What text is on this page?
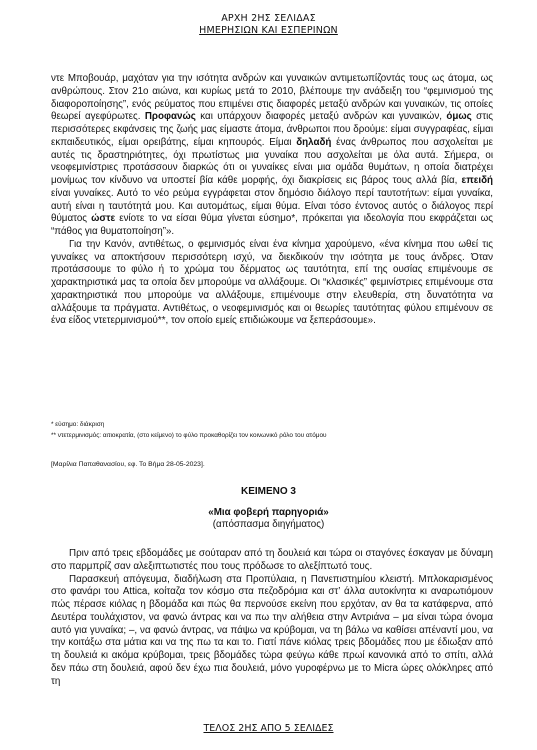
ΑΡΧΗ 2ΗΣ ΣΕΛΙΔΑΣ
ΗΜΕΡΗΣΙΩΝ ΚΑΙ ΕΣΠΕΡΙΝΩΝ

ντε Μποβουάρ, μαχόταν για την ισότητα ανδρών και γυναικών αντιμετωπίζοντάς τους ως άτομα, ως ανθρώπους. Στον 21ο αιώνα, και κυρίως μετά το 2010, βλέπουμε την ανάδειξη του “φεμινισμού της διαφοροποίησης”, ενός ρεύματος που επιμένει στις διαφορές μεταξύ ανδρών και γυναικών, τις οποίες θεωρεί αγεφύρωτες. Προφανώς και υπάρχουν διαφορές μεταξύ ανδρών και γυναικών, όμως στις περισσότερες εκφάνσεις της ζωής μας είμαστε άτομα, άνθρωποι που δρούμε: είμαι συγγραφέας, είμαι εκπαιδευτικός, είμαι ορειβάτης, είμαι κηπουρός. Είμαι δηλαδή ένας άνθρωπος που ασχολείται με αυτές τις δραστηριότητες, όχι πρωτίστως μια γυναίκα που ασχολείται με όλα αυτά. Σήμερα, οι νεοφεμινίστριες προτάσσουν διαρκώς ότι οι γυναίκες είναι μια ομάδα θυμάτων, η οποία διατρέχει μονίμως τον κίνδυνο να υποστεί βία κάθε μορφής, όχι διακρίσεις εις βάρος τους αλλά βία, επειδή είναι γυναίκες. Αυτό το νέο ρεύμα εγγράφεται στον δημόσιο διάλογο περί ταυτοτήτων: είμαι γυναίκα, αυτή είναι η ταυτότητά μου. Και αυτομάτως, είμαι θύμα. Είναι τόσο έντονος αυτός ο διάλογος περί θύματος ώστε ενίοτε το να είσαι θύμα γίνεται εύσημο*, πρόκειται για ιδεολογία που εκφράζεται ως “πάθος για θυματοποίηση”».

Για την Κανόν, αντιθέτως, ο φεμινισμός είναι ένα κίνημα χαρούμενο, «ένα κίνημα που ωθεί τις γυναίκες να αποκτήσουν περισσότερη ισχύ, να διεκδικούν την ισότητα με τους άνδρες. Όταν προτάσσουμε το φύλο ή το χρώμα του δέρματος ως ταυτότητα, επί της ουσίας επιμένουμε σε χαρακτηριστικά μας τα οποία δεν μπορούμε να αλλάξουμε. Οι “κλασικές” φεμινίστριες επιμένουμε στα χαρακτηριστικά που μπορούμε να αλλάξουμε, επιμένουμε στην ελευθερία, στη δυνατότητα να αλλάξουμε τα πράγματα. Αντιθέτως, ο νεοφεμινισμός και οι θεωρίες ταυτότητας φύλου επιμένουν σε ένα είδος ντετερμινισμού**, τον οποίο εμείς επιδιώκουμε να ξεπεράσουμε».

* εύσημο: διάκριση
** ντετερμινισμός: αιτιοκρατία, (στο κείμενο) το φύλο προκαθορίζει τον κοινωνικό ρόλο του ατόμου
[Μαρίλια Παπαθανασίου, εφ. Το Βήμα 28-05-2023].
ΚΕΙΜΕΝΟ 3
«Μια φοβερή παρηγοριά»
(απόσπασμα διηγήματος)

Πριν από τρεις εβδομάδες με σούταραν από τη δουλειά και τώρα οι σταγόνες έσκαγαν με δύναμη στο παρμπρίζ σαν αλεξιπτωτιστές που τους πρόδωσε το αλεξίπτωτό τους.

Παρασκευή απόγευμα, διαδήλωση στα Προπύλαια, η Πανεπιστημίου κλειστή. Μπλοκαρισμένος στο φανάρι του Attica, κοίταζα τον κόσμο στα πεζοδρόμια και στ’ άλλα αυτοκίνητα κι αναρωτιόμουν πώς πέρασε κιόλας η βδομάδα και πώς θα περνούσε εκείνη που ερχόταν, αν θα τα κατάφερνα, από Δευτέρα τουλάχιστον, να φανώ άντρας και να πω την αλήθεια στην Αντριάνα – μα είναι τώρα όνομα αυτό για γυναίκα; –, να φανώ άντρας, να πάψω να κρύβομαι, να τη βάλω να καθίσει απέναντί μου, να την κοιτάξω στα μάτια και να της πω τα και το. Γιατί πάνε κιόλας τρεις βδομάδες που με έδιωξαν από τη δουλειά κι ακόμα κρύβομαι, τρεις βδομάδες τώρα φεύγω κάθε πρωί κανονικά από το σπίτι, αλλά δεν πάω στη δουλειά, αφού δεν έχω πια δουλειά, μόνο γυροφέρνω με το Micra ώρες ολόκληρες από τη

ΤΕΛΟΣ 2ΗΣ ΑΠΟ 5 ΣΕΛΙΔΕΣ
